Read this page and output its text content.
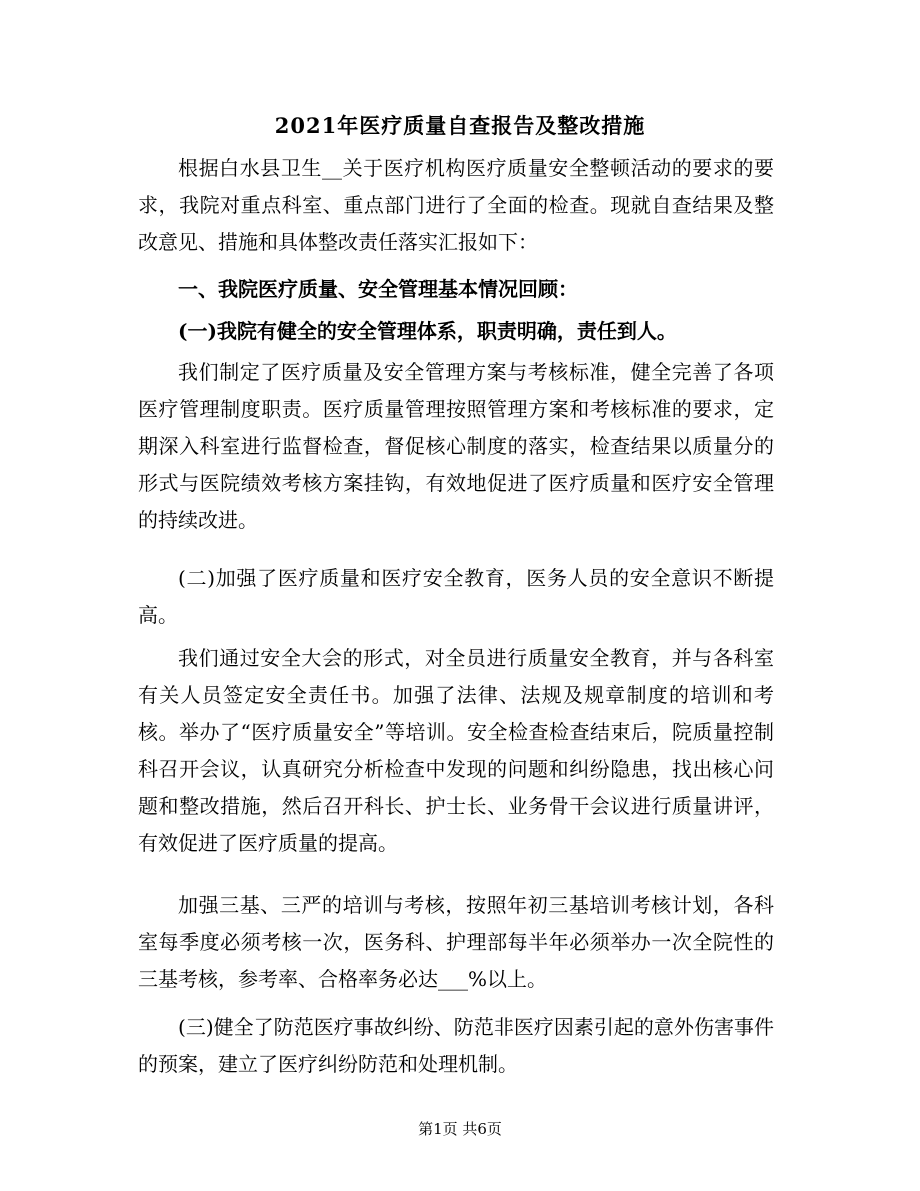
2021年医疗质量自查报告及整改措施
根据白水县卫生__关于医疗机构医疗质量安全整顿活动的要求的要求，我院对重点科室、重点部门进行了全面的检查。现就自查结果及整改意见、措施和具体整改责任落实汇报如下：
一、我院医疗质量、安全管理基本情况回顾：
(一)我院有健全的安全管理体系，职责明确，责任到人。
我们制定了医疗质量及安全管理方案与考核标准，健全完善了各项医疗管理制度职责。医疗质量管理按照管理方案和考核标准的要求，定期深入科室进行监督检查，督促核心制度的落实，检查结果以质量分的形式与医院绩效考核方案挂钩，有效地促进了医疗质量和医疗安全管理的持续改进。
(二)加强了医疗质量和医疗安全教育，医务人员的安全意识不断提高。
我们通过安全大会的形式，对全员进行质量安全教育，并与各科室有关人员签定安全责任书。加强了法律、法规及规章制度的培训和考核。举办了“医疗质量安全”等培训。安全检查检查结束后，院质量控制科召开会议，认真研究分析检查中发现的问题和纠纷隐患，找出核心问题和整改措施，然后召开科长、护士长、业务骨干会议进行质量讲评，有效促进了医疗质量的提高。
加强三基、三严的培训与考核，按照年初三基培训考核计划，各科室每季度必须考核一次，医务科、护理部每半年必须举办一次全院性的三基考核，参考率、合格率务必达___%以上。
(三)健全了防范医疗事故纠纷、防范非医疗因素引起的意外伤害事件的预案，建立了医疗纠纷防范和处理机制。
第1页 共6页
